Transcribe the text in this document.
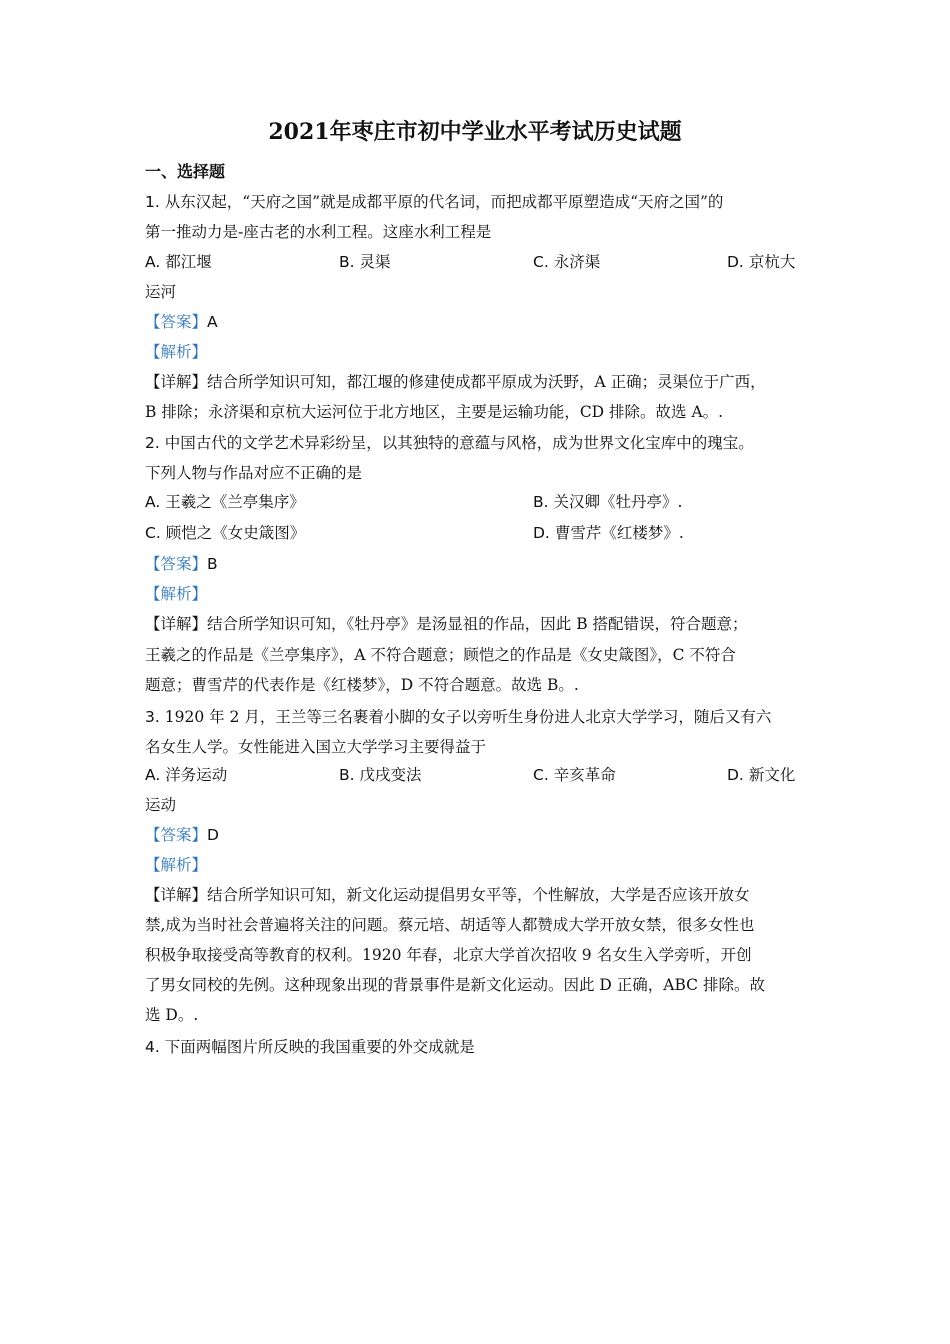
2021年枣庄市初中学业水平考试历史试题
一、选择题
1. 从东汉起，“天府之国”就是成都平原的代名词，而把成都平原塑造成“天府之国”的
第一推动力是-座古老的水利工程。这座水利工程是
A. 都江堰	B. 灵渠	C. 永济渠	D. 京杭大
运河
【答案】A
【解析】
【详解】结合所学知识可知，都江堰的修建使成都平原成为沃野，A 正确；灵渠位于广西，
B 排除；永济渠和京杭大运河位于北方地区，主要是运输功能，CD 排除。故选 A。.
2. 中国古代的文学艺术异彩纷呈，以其独特的意蕴与风格，成为世界文化宝库中的瑰宝。
下列人物与作品对应不正确的是
A. 王羲之《兰亭集序》	B. 关汉卿《牡丹亭》.
C. 顾恺之《女史箴图》	D. 曹雪芹《红楼梦》.
【答案】B
【解析】
【详解】结合所学知识可知，《牡丹亭》是汤显祖的作品，因此 B 搭配错误，符合题意；
王羲之的作品是《兰亭集序》，A 不符合题意；顾恺之的作品是《女史箴图》，C 不符合
题意；曹雪芹的代表作是《红楼梦》，D 不符合题意。故选 B。.
3. 1920 年 2 月，王兰等三名裹着小脚的女子以旁听生身份进人北京大学学习，随后又有六
名女生人学。女性能进入国立大学学习主要得益于
A. 洋务运动	B. 戊戌变法	C. 辛亥革命	D. 新文化
运动
【答案】D
【解析】
【详解】结合所学知识可知，新文化运动提倡男女平等，个性解放，大学是否应该开放女
禁,成为当时社会普遍将关注的问题。蔡元培、胡适等人都赞成大学开放女禁，很多女性也
积极争取接受高等教育的权利。1920 年春，北京大学首次招收 9 名女生入学旁听，开创
了男女同校的先例。这种现象出现的背景事件是新文化运动。因此 D 正确，ABC 排除。故
选 D。.
4. 下面两幅图片所反映的我国重要的外交成就是
